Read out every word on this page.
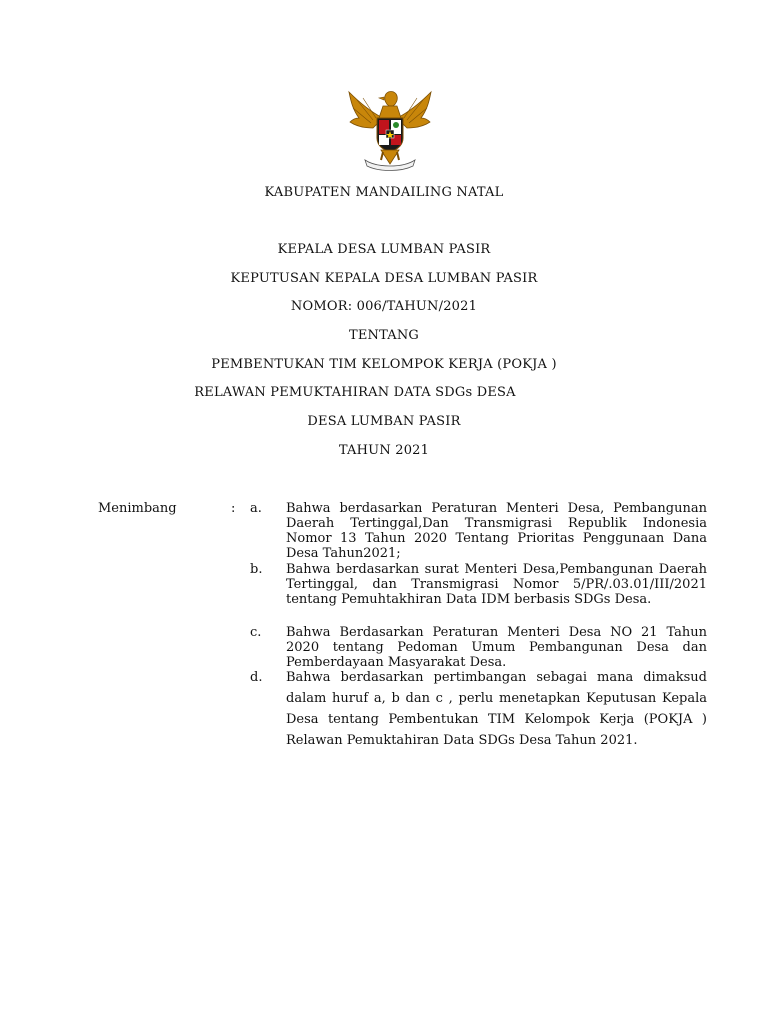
KABUPATEN MANDAILING NATAL
KEPALA DESA LUMBAN PASIR
KEPUTUSAN KEPALA DESA LUMBAN PASIR
NOMOR: 006/TAHUN/2021
TENTANG
PEMBENTUKAN TIM KELOMPOK KERJA (POKJA )
RELAWAN PEMUKTAHIRAN DATA SDGs DESA
DESA LUMBAN PASIR
TAHUN 2021
Menimbang	: a. Bahwa berdasarkan Peraturan Menteri Desa, Pembangunan Daerah Tertinggal,Dan Transmigrasi Republik Indonesia Nomor 13 Tahun 2020 Tentang Prioritas Penggunaan Dana Desa Tahun2021;
b. Bahwa berdasarkan surat Menteri Desa,Pembangunan Daerah Tertinggal, dan Transmigrasi Nomor 5/PR/.03.01/III/2021 tentang Pemuhtakhiran Data IDM berbasis SDGs Desa.
c. Bahwa Berdasarkan Peraturan Menteri Desa NO 21 Tahun 2020 tentang Pedoman Umum Pembangunan Desa dan Pemberdayaan Masyarakat Desa.
d. Bahwa berdasarkan pertimbangan sebagai mana dimaksud dalam huruf a, b dan c , perlu menetapkan Keputusan Kepala Desa tentang Pembentukan TIM Kelompok Kerja (POKJA ) Relawan Pemuktahiran Data SDGs Desa Tahun 2021.
